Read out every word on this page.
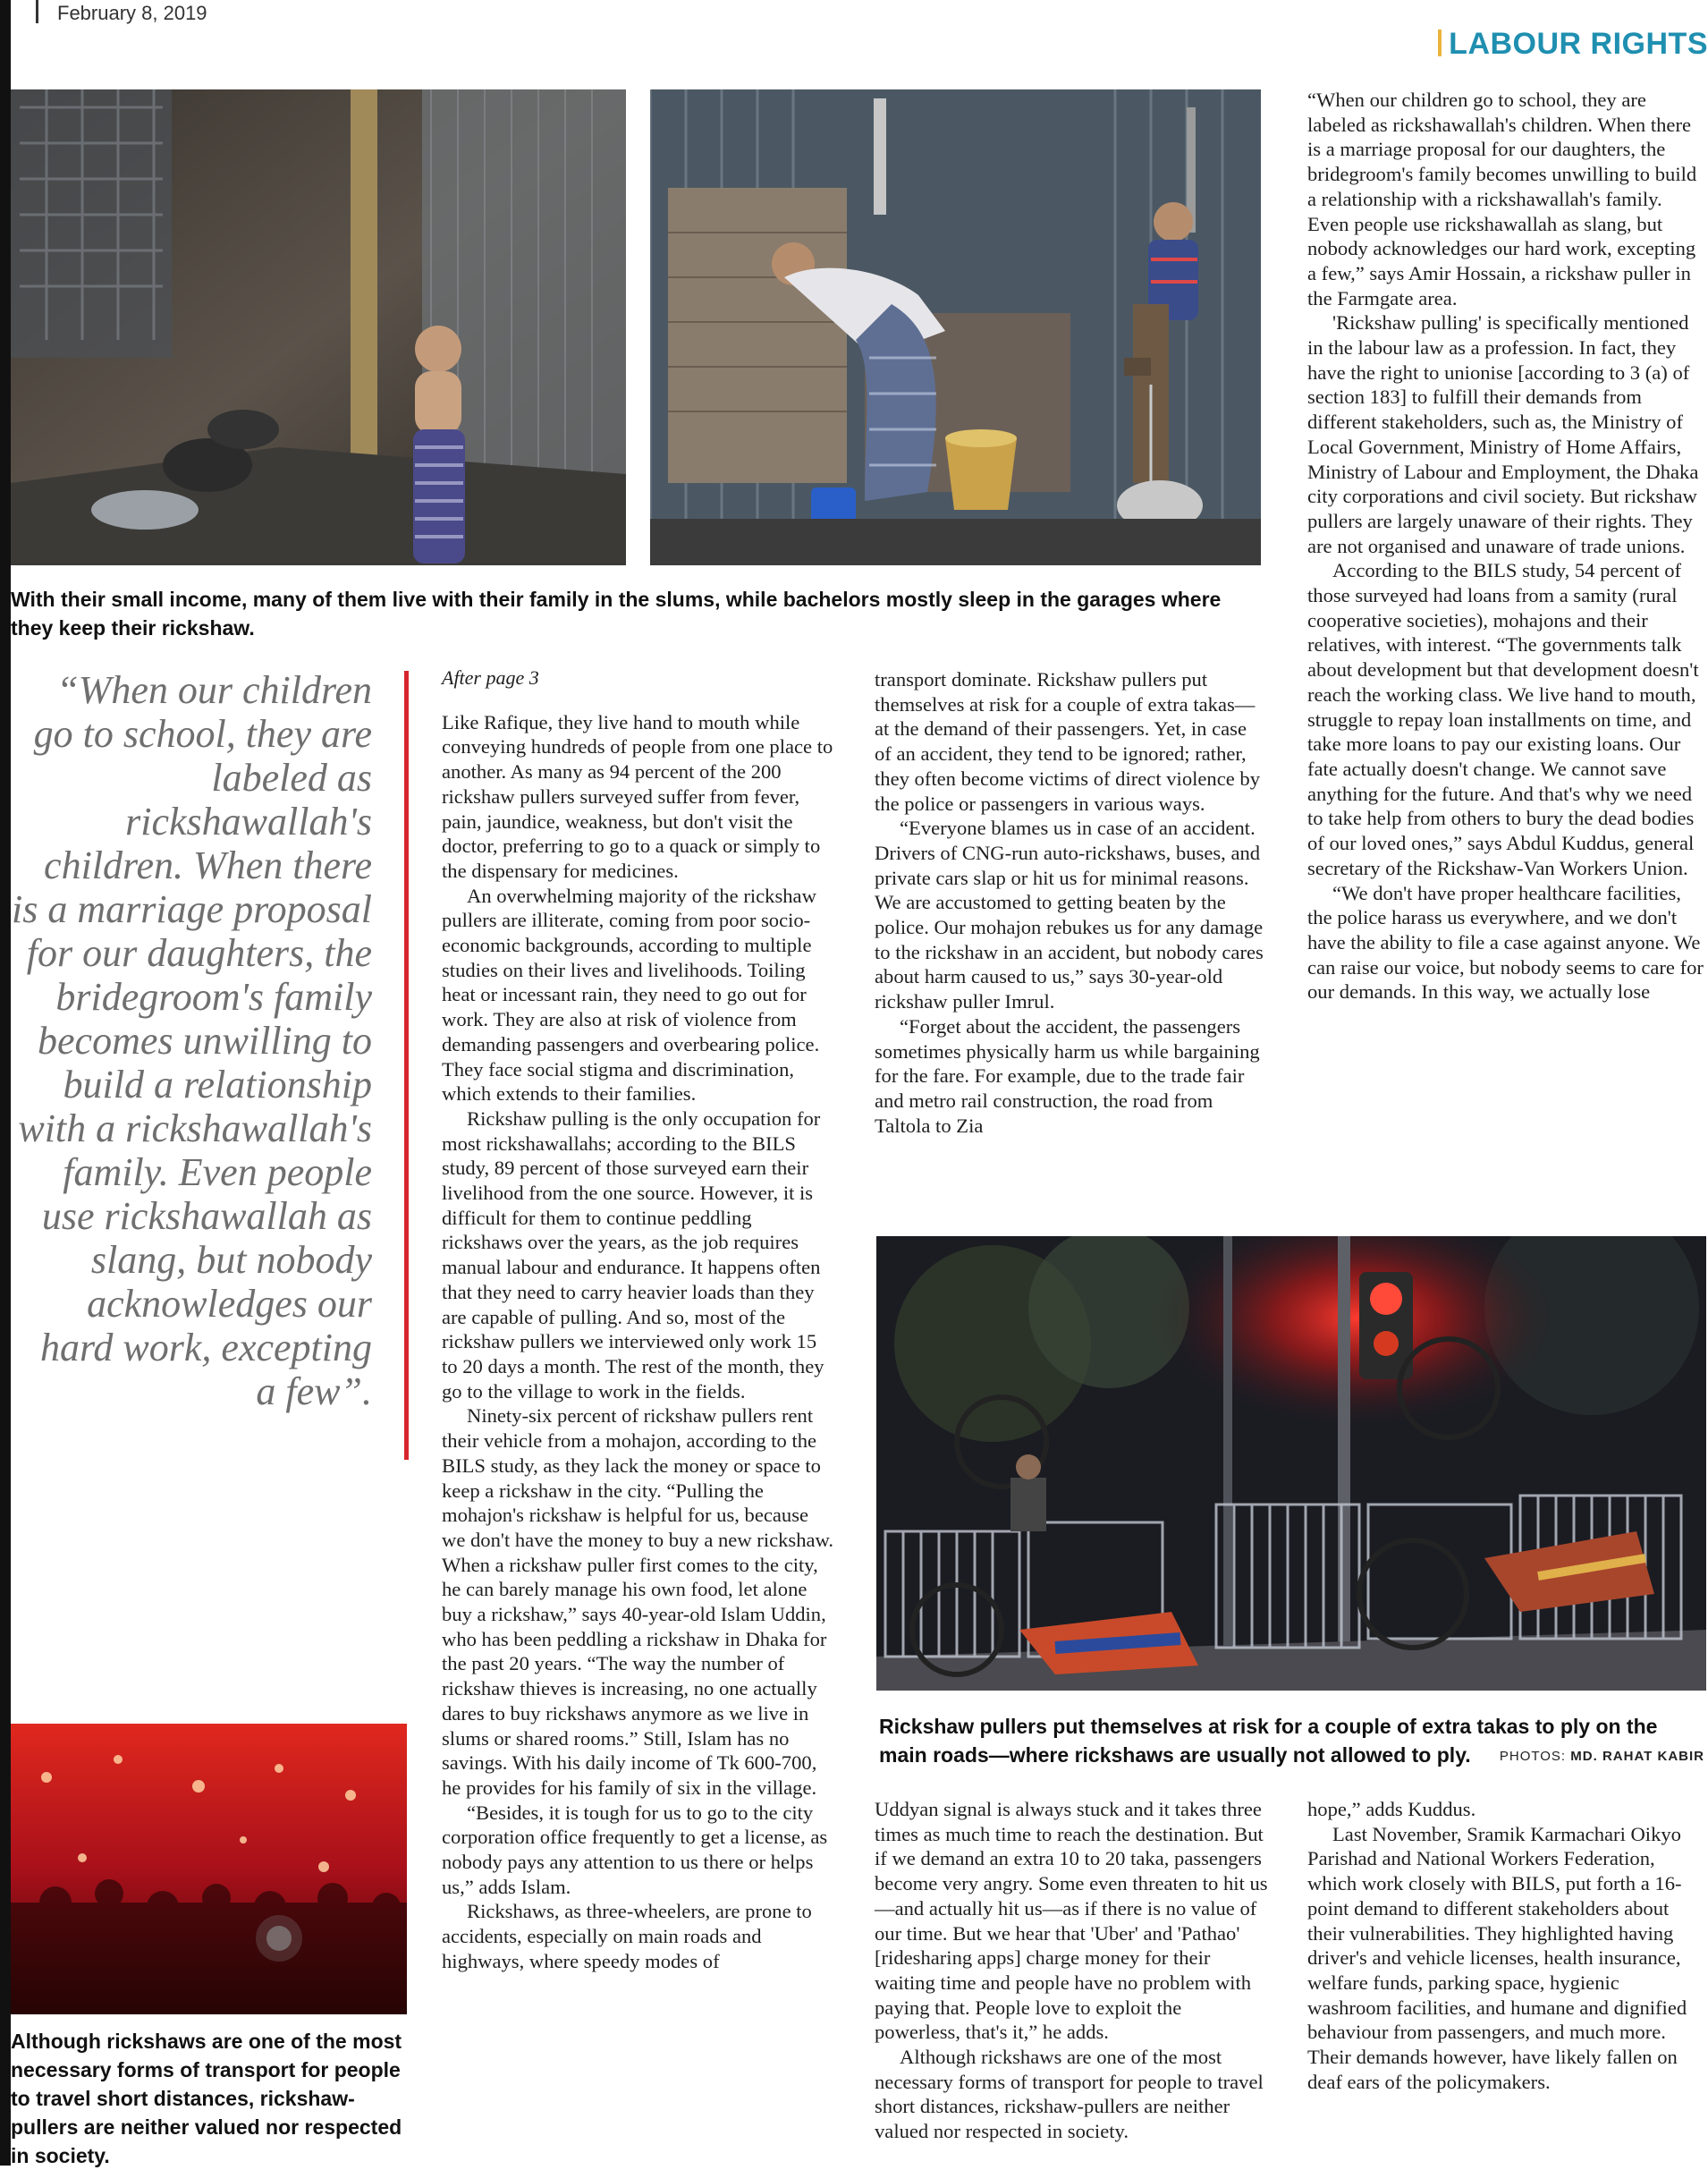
February 8, 2019
LABOUR RIGHTS
With their small income, many of them live with their family in the slums, while bachelors mostly sleep in the garages where they keep their rickshaw.
“When our children go to school, they are labeled as rickshawallah's children. When there is a marriage proposal for our daughters, the bridegroom's family becomes unwilling to build a relationship with a rickshawallah's family. Even people use rickshawallah as slang, but nobody acknowledges our hard work, excepting a few”.
After page 3

Like Rafique, they live hand to mouth while conveying hundreds of people from one place to another. As many as 94 percent of the 200 rickshaw pullers surveyed suffer from fever, pain, jaundice, weakness, but don't visit the doctor, preferring to go to a quack or simply to the dispensary for medicines.

An overwhelming majority of the rickshaw pullers are illiterate, coming from poor socio-economic backgrounds, according to multiple studies on their lives and livelihoods. Toiling heat or incessant rain, they need to go out for work. They are also at risk of violence from demanding passengers and overbearing police. They face social stigma and discrimination, which extends to their families.

Rickshaw pulling is the only occupation for most rickshawallahs; according to the BILS study, 89 percent of those surveyed earn their livelihood from the one source. However, it is difficult for them to continue peddling rickshaws over the years, as the job requires manual labour and endurance. It happens often that they need to carry heavier loads than they are capable of pulling. And so, most of the rickshaw pullers we interviewed only work 15 to 20 days a month. The rest of the month, they go to the village to work in the fields.

Ninety-six percent of rickshaw pullers rent their vehicle from a mohajon, according to the BILS study, as they lack the money or space to keep a rickshaw in the city. “Pulling the mohajon's rickshaw is helpful for us, because we don't have the money to buy a new rickshaw. When a rickshaw puller first comes to the city, he can barely manage his own food, let alone buy a rickshaw,” says 40-year-old Islam Uddin, who has been peddling a rickshaw in Dhaka for the past 20 years. “The way the number of rickshaw thieves is increasing, no one actually dares to buy rickshaws anymore as we live in slums or shared rooms.” Still, Islam has no savings. With his daily income of Tk 600-700, he provides for his family of six in the village.

“Besides, it is tough for us to go to the city corporation office frequently to get a license, as nobody pays any attention to us there or helps us,” adds Islam.

Rickshaws, as three-wheelers, are prone to accidents, especially on main roads and highways, where speedy modes of

transport dominate. Rickshaw pullers put themselves at risk for a couple of extra takas—at the demand of their passengers. Yet, in case of an accident, they tend to be ignored; rather, they often become victims of direct violence by the police or passengers in various ways.

“Everyone blames us in case of an accident. Drivers of CNG-run auto-rickshaws, buses, and private cars slap or hit us for minimal reasons. We are accustomed to getting beaten by the police. Our mohajon rebukes us for any damage to the rickshaw in an accident, but nobody cares about harm caused to us,” says 30-year-old rickshaw puller Imrul.

“Forget about the accident, the passengers sometimes physically harm us while bargaining for the fare. For example, due to the trade fair and metro rail construction, the road from Taltola to Zia

“When our children go to school, they are labeled as rickshawallah's children. When there is a marriage proposal for our daughters, the bridegroom's family becomes unwilling to build a relationship with a rickshawallah's family. Even people use rickshawallah as slang, but nobody acknowledges our hard work, excepting a few,” says Amir Hossain, a rickshaw puller in the Farmgate area.

'Rickshaw pulling' is specifically mentioned in the labour law as a profession. In fact, they have the right to unionise [according to 3 (a) of section 183] to fulfill their demands from different stakeholders, such as, the Ministry of Local Government, Ministry of Home Affairs, Ministry of Labour and Employment, the Dhaka city corporations and civil society. But rickshaw pullers are largely unaware of their rights. They are not organised and unaware of trade unions.

According to the BILS study, 54 percent of those surveyed had loans from a samity (rural cooperative societies), mohajons and their relatives, with interest. “The governments talk about development but that development doesn't reach the working class. We live hand to mouth, struggle to repay loan installments on time, and take more loans to pay our existing loans. Our fate actually doesn't change. We cannot save anything for the future. And that's why we need to take help from others to bury the dead bodies of our loved ones,” says Abdul Kuddus, general secretary of the Rickshaw-Van Workers Union.

“We don't have proper healthcare facilities, the police harass us everywhere, and we don't have the ability to file a case against anyone. We can raise our voice, but nobody seems to care for our demands. In this way, we actually lose

Rickshaw pullers put themselves at risk for a couple of extra takas to ply on the main roads—where rickshaws are usually not allowed to ply.	PHOTOS: MD. RAHAT KABIR

Uddyan signal is always stuck and it takes three times as much time to reach the destination. But if we demand an extra 10 to 20 taka, passengers become very angry. Some even threaten to hit us—and actually hit us—as if there is no value of our time. But we hear that 'Uber' and 'Pathao' [ridesharing apps] charge money for their waiting time and people have no problem with paying that. People love to exploit the powerless, that's it,” he adds.

Although rickshaws are one of the most necessary forms of transport for people to travel short distances, rickshaw-pullers are neither valued nor respected in society.

hope,” adds Kuddus.

Last November, Sramik Karmachari Oikyo Parishad and National Workers Federation, which work closely with BILS, put forth a 16-point demand to different stakeholders about their vulnerabilities. They highlighted having driver's and vehicle licenses, health insurance, welfare funds, parking space, hygienic washroom facilities, and humane and dignified behaviour from passengers, and much more. Their demands however, have likely fallen on deaf ears of the policymakers.

Although rickshaws are one of the most necessary forms of transport for people to travel short distances, rickshaw-pullers are neither valued nor respected in society.
